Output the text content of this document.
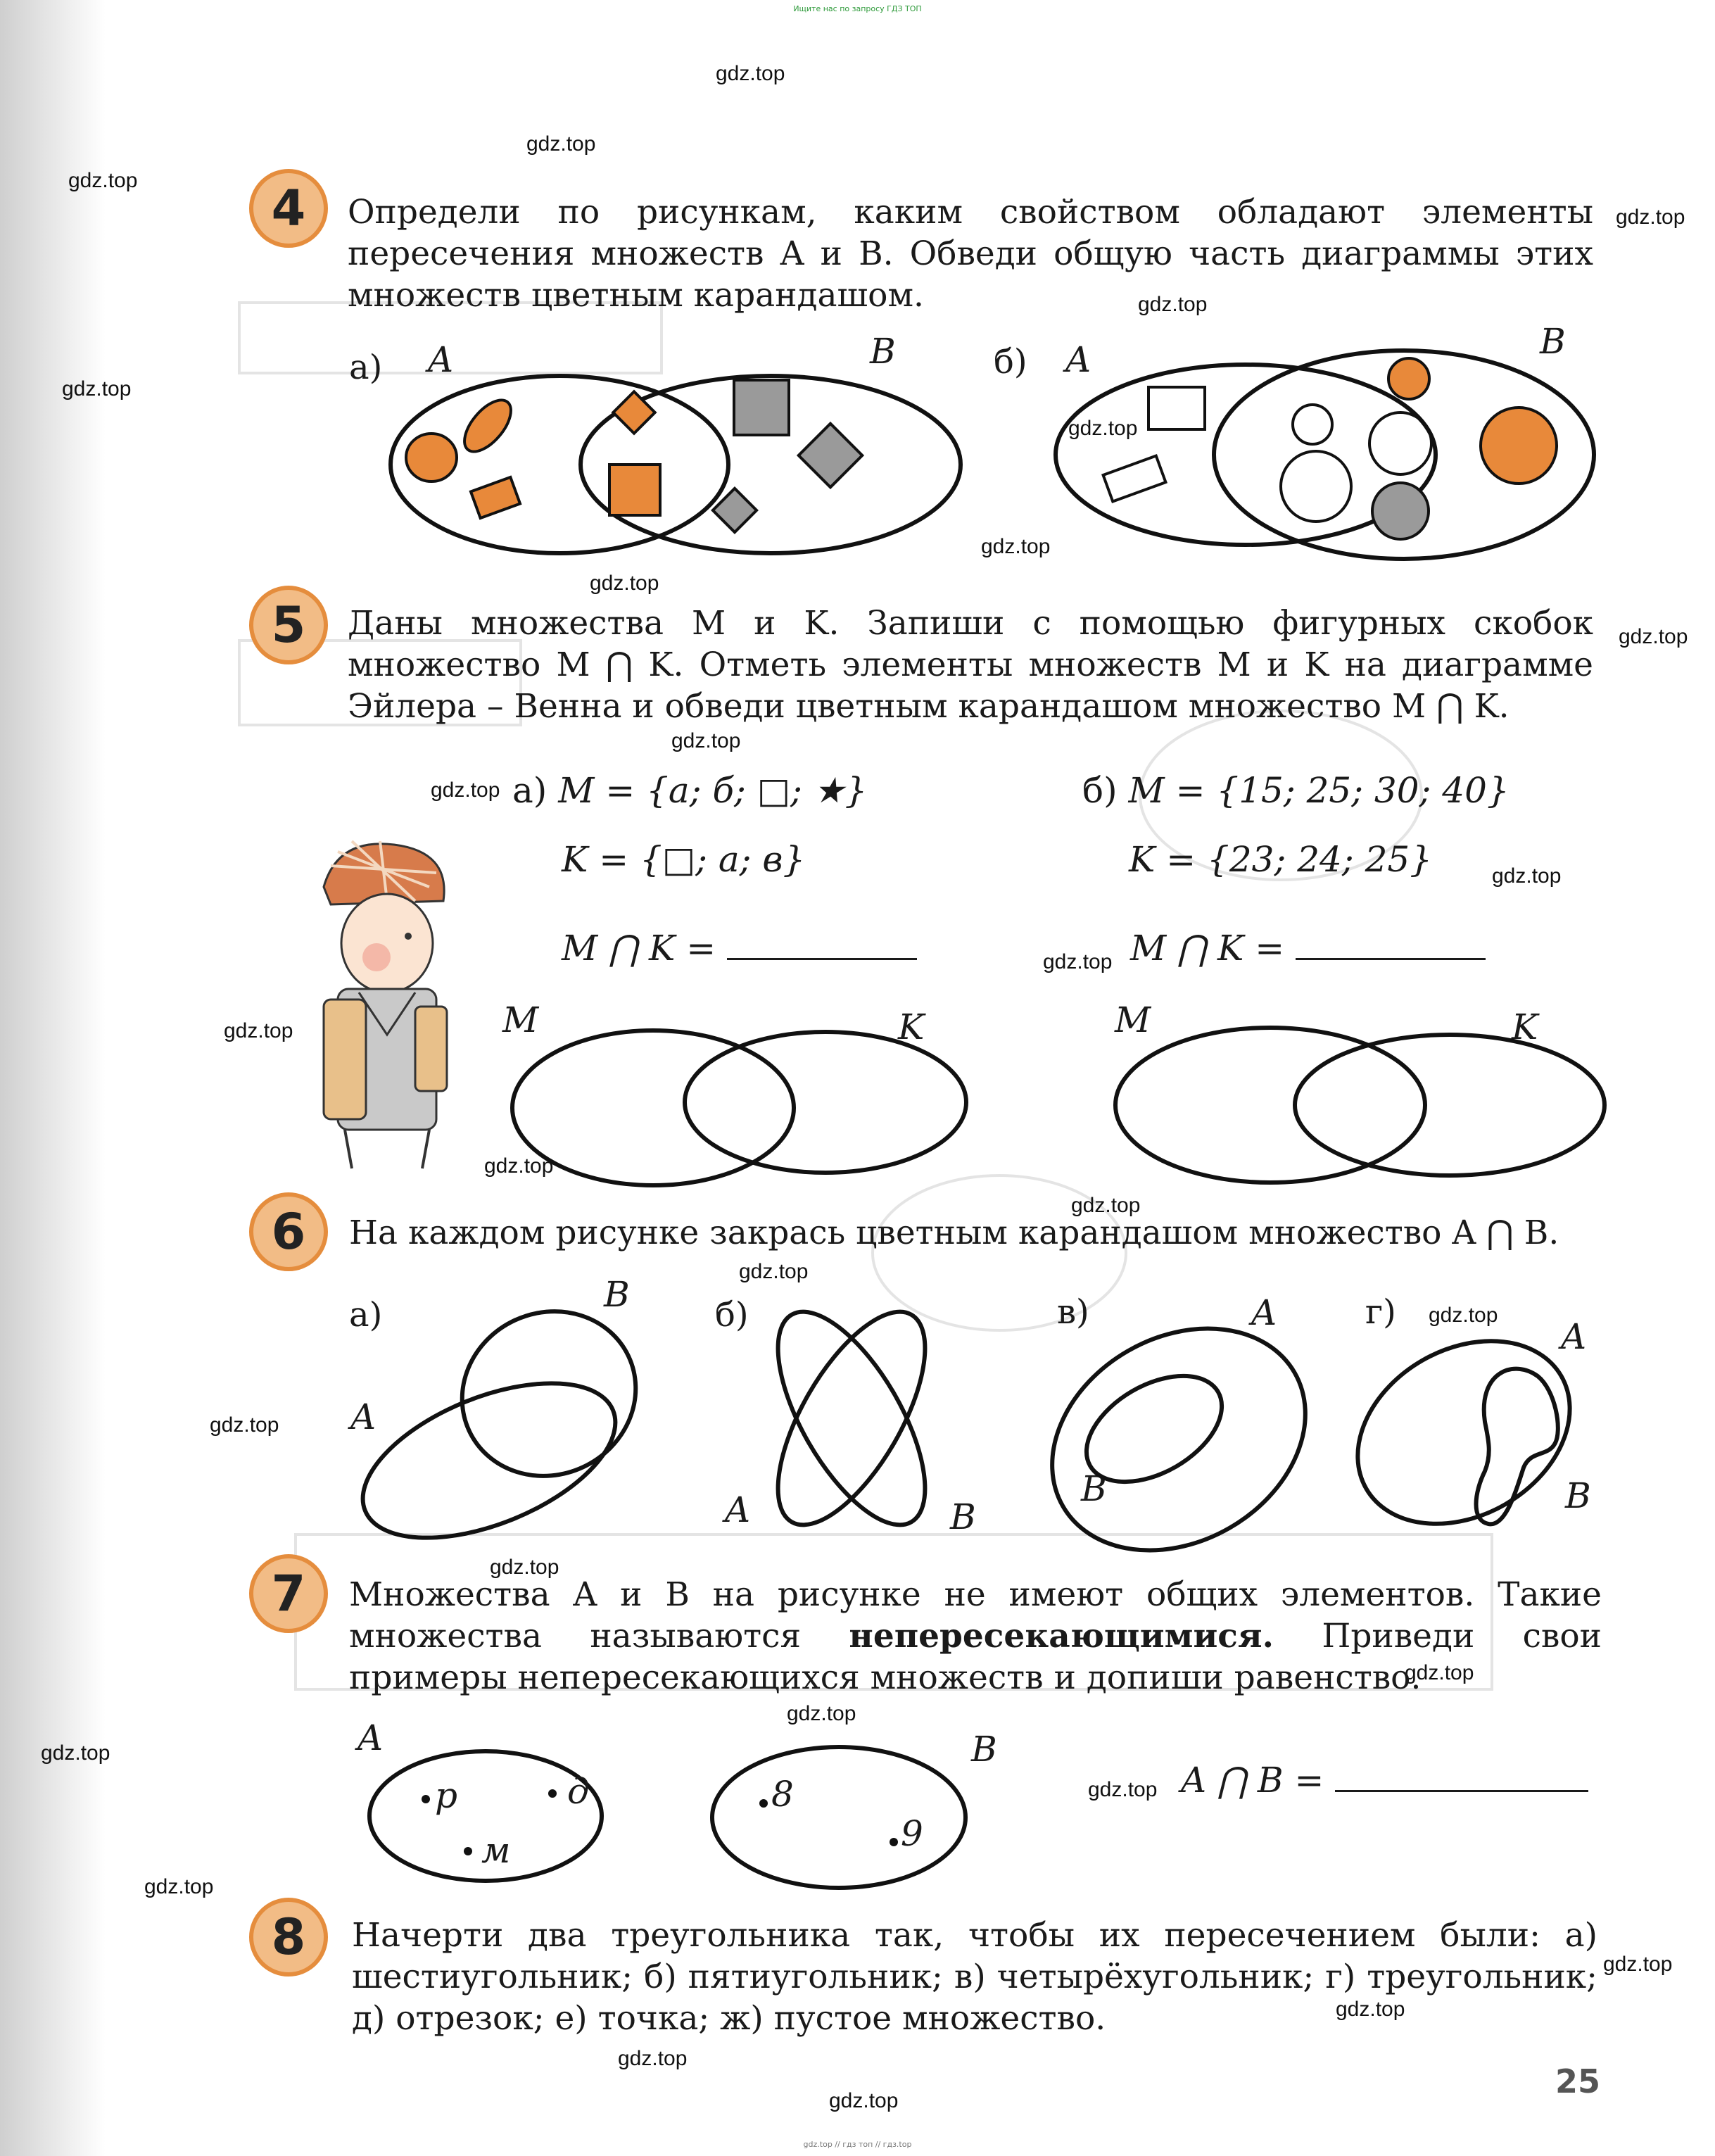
Ищите нас по запросу ГДЗ ТОП
gdz.top
gdz.top
gdz.top
gdz.top
gdz.top
gdz.top
gdz.top
gdz.top
gdz.top
gdz.top
gdz.top
gdz.top
gdz.top
gdz.top
gdz.top
gdz.top
gdz.top
gdz.top
gdz.top
gdz.top
gdz.top
gdz.top
gdz.top
gdz.top
gdz.top
gdz.top
gdz.top
gdz.top
gdz.top
gdz.top
4	Определи по рисункам, каким свойством обладают элементы пересечения множеств A и B. Обведи общую часть диаграммы этих множеств цветным карандашом.
а) A	B	б) A	B
5	Даны множества M и K. Запиши с помощью фигурных скобок множество M ⋂ K. Отметь элементы множеств M и K на диаграмме Эйлера – Венна и обведи цветным карандашом множество M ⋂ K.
а) M = {a; б; □; ★}
K = {□; a; в}
б) M = {15; 25; 30; 40}
K = {23; 24; 25}
M ⋂ K =	M ⋂ K =
M	K	M	K
6	На каждом рисунке закрась цветным карандашом множество A ⋂ B.
а)	B
A
б)
A	B
в)	A
B
г)
A
B
7	Множества A и B на рисунке не имеют общих элементов. Такие множества называются непересекающимися. Приведи свои примеры непересекающихся множеств и допиши равенство.
A	B
р	д
м
8
9
A ⋂ B =
8	Начерти два треугольника так, чтобы их пересечением были: а) шестиугольник; б) пятиугольник; в) четырёхугольник; г) треугольник; д) отрезок; е) точка; ж) пустое множество.
25
gdz.top // гдз топ // гдз.top
